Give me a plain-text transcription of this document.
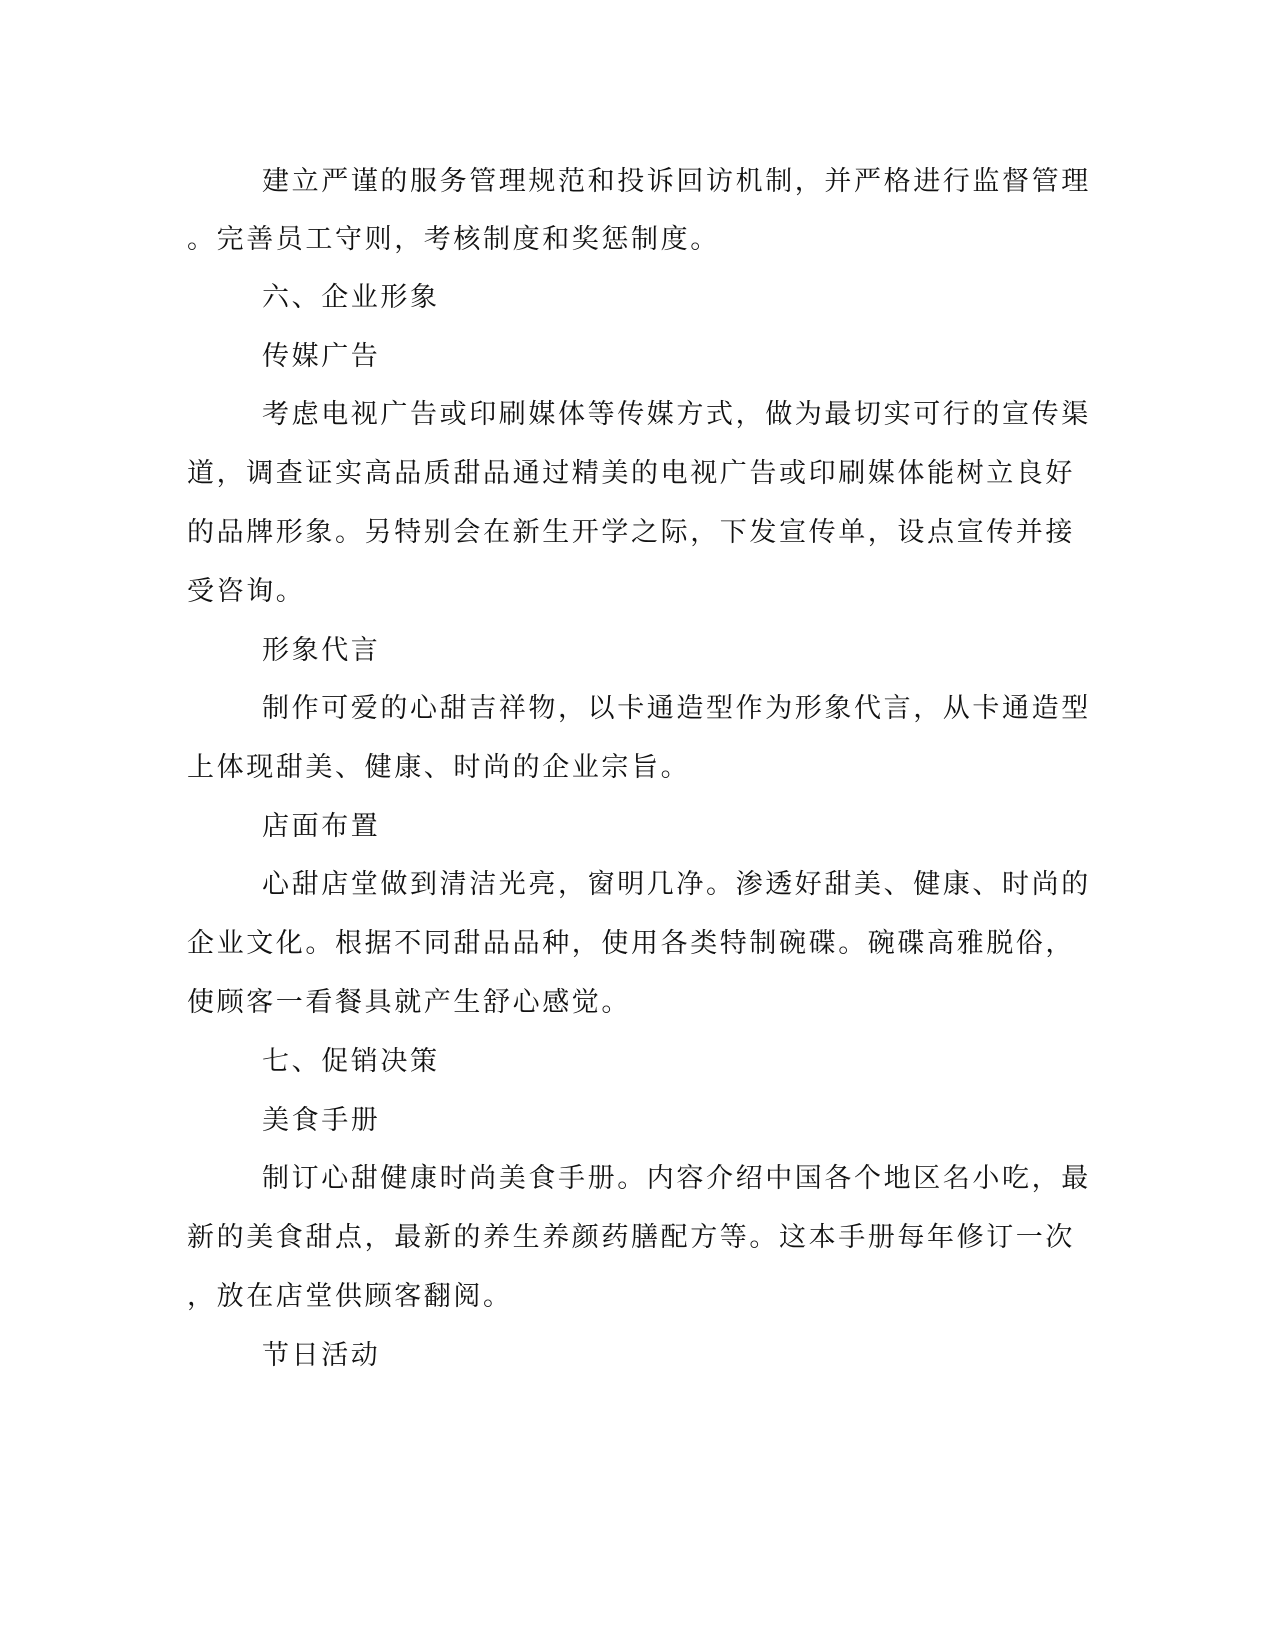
建立严谨的服务管理规范和投诉回访机制，并严格进行监督管理
。完善员工守则，考核制度和奖惩制度。
六、企业形象
传媒广告
考虑电视广告或印刷媒体等传媒方式，做为最切实可行的宣传渠
道，调查证实高品质甜品通过精美的电视广告或印刷媒体能树立良好
的品牌形象。另特别会在新生开学之际，下发宣传单，设点宣传并接
受咨询。
形象代言
制作可爱的心甜吉祥物，以卡通造型作为形象代言，从卡通造型
上体现甜美、健康、时尚的企业宗旨。
店面布置
心甜店堂做到清洁光亮，窗明几净。渗透好甜美、健康、时尚的
企业文化。根据不同甜品品种，使用各类特制碗碟。碗碟高雅脱俗，
使顾客一看餐具就产生舒心感觉。
七、促销决策
美食手册
制订心甜健康时尚美食手册。内容介绍中国各个地区名小吃，最
新的美食甜点，最新的养生养颜药膳配方等。这本手册每年修订一次
，放在店堂供顾客翻阅。
节日活动
